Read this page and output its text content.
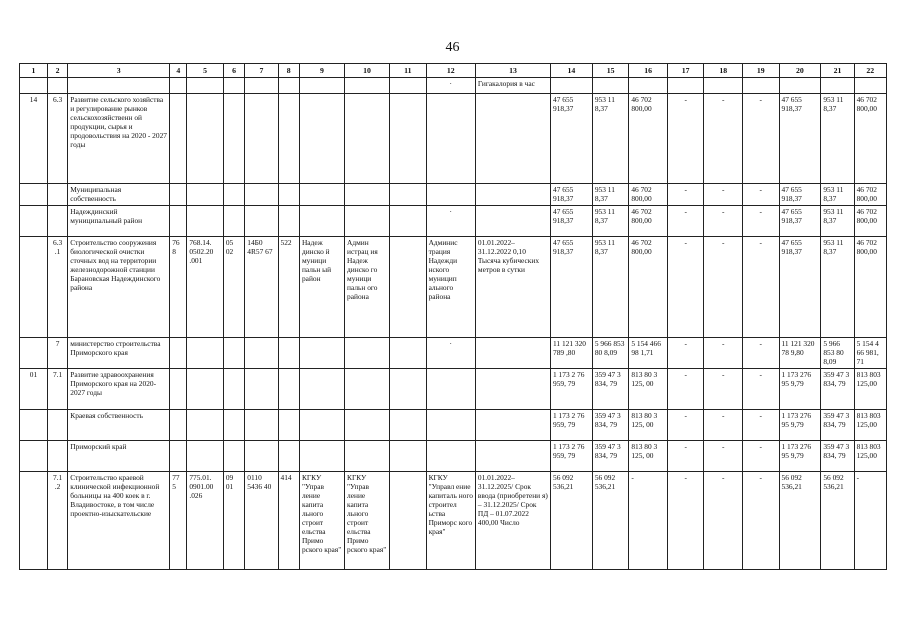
46
1	2	3	4	5	6	7	8	9	10	11	12	13	14	15	16	17	18	19	20	21	22
											·	Гигакалория в час									
14	6.3	Развитие сельского хозяйства и регулирование рынков сельскохозяйственн ой продукции, сырья и продовольствия на 2020 - 2027 годы											47 655 918,37	953 11 8,37	46 702 800,00	-	-	-	47 655 918,37	953 11 8,37	46 702 800,00
		Муниципальная собственность											47 655 918,37	953 11 8,37	46 702 800,00	-	-	-	47 655 918,37	953 11 8,37	46 702 800,00
		Надеждинский муниципальный район									·		47 655 918,37	953 11 8,37	46 702 800,00	-	-	-	47 655 918,37	953 11 8,37	46 702 800,00
	6.3 .1	Строительство сооружения биологической очистки сточных вод на территории железнодорожной станции Барановская Надеждинского района	76 8	768.14. 0502.20 .001	05 02	14Б0 4R57 67	522	Надеж динско й муници пальн ый район	Админ истрац ия Надеж динско го муници пальн ого района		Админис трация Надежди нского муницип ального района	01.01.2022– 31.12.2022 0,10 Тысяча кубических метров в сутки	47 655 918,37	953 11 8,37	46 702 800,00	-	-	-	47 655 918,37	953 11 8,37	46 702 800,00
	7	министерство строительства Приморского края									·		11 121 320 789 ,80	5 966 853 80 8,09	5 154 466 98 1,71	-	-	-	11 121 320 78 9,80	5 966 853 80 8,09	5 154 4 66 981, 71
01	7.1	Развитие здравоохранения Приморского края на 2020-2027 годы											1 173 2 76 959, 79	359 47 3 834, 79	813 80 3 125, 00	-	-	-	1 173 276 95 9,79	359 47 3 834, 79	813 803 125,00
		Краевая собственность											1 173 2 76 959, 79	359 47 3 834, 79	813 80 3 125, 00	-	-	-	1 173 276 95 9,79	359 47 3 834, 79	813 803 125,00
		Приморский край											1 173 2 76 959, 79	359 47 3 834, 79	813 80 3 125, 00	-	-	-	1 173 276 95 9,79	359 47 3 834, 79	813 803 125,00
	7.1 .2	Строительство краевой клинической инфекционной больницы на 400 коек в г. Владивостоке, в том числе проектно-изыскательские	77 5	775.01. 0901.00 .026	09 01	0110 5436 40	414	КГКУ "Управ ление капита льного строит ельства Примо рского края"	КГКУ "Управ ление капита льного строит ельства Примо рского края"		КГКУ "Управл ение капиталь ного строител ьства Приморс кого края"	01.01.2022– 31.12.2025/ Срок ввода (приобретени я) – 31.12.2025/ Срок ПД – 01.07.2022 400,00 Число	56 092 536,21	56 092 536,21	-	-	-	-	56 092 536,21	56 092 536,21	-
